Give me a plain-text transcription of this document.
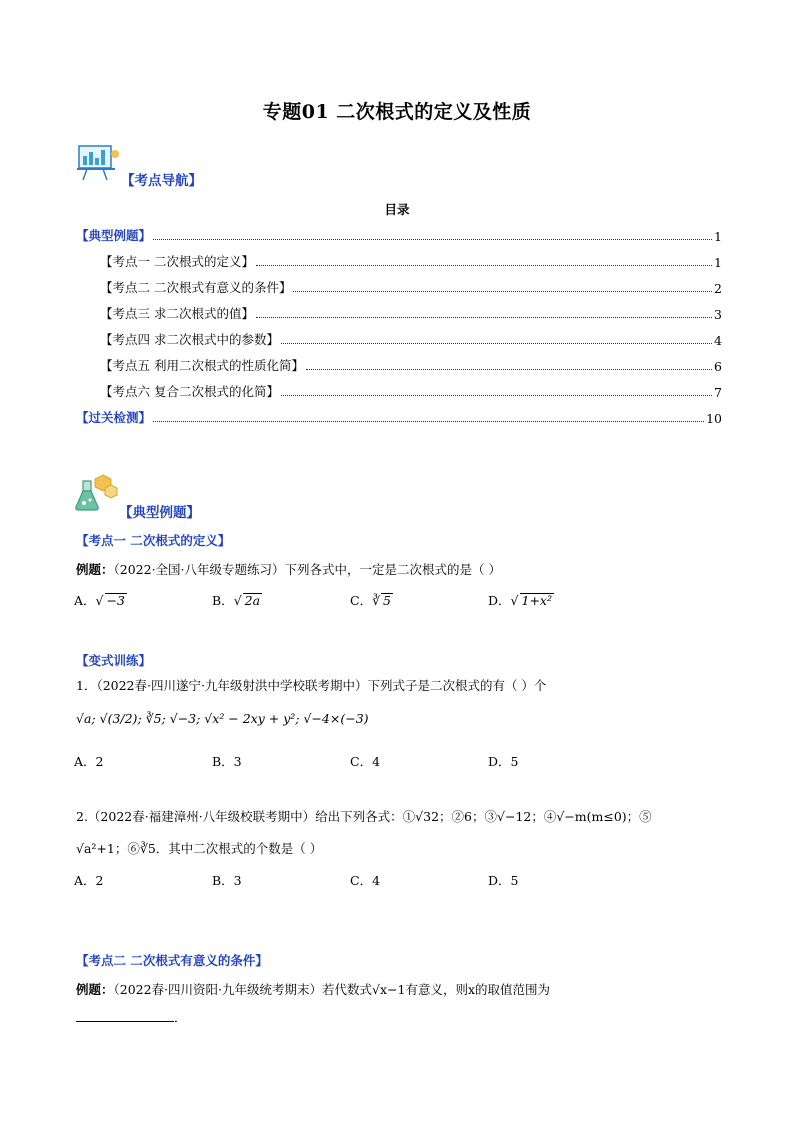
专题01 二次根式的定义及性质
【考点导航】
目录
【典型例题】	1
【考点一 二次根式的定义】	1
【考点二 二次根式有意义的条件】	2
【考点三 求二次根式的值】	3
【考点四 求二次根式中的参数】	4
【考点五 利用二次根式的性质化简】	6
【考点六 复合二次根式的化简】	7
【过关检测】	10
【典型例题】
【考点一 二次根式的定义】
例题：（2022·全国·八年级专题练习）下列各式中，一定是二次根式的是（ ）
A．√ −3	B．√ 2a	C．∛ 5	D．√ 1+x²
【变式训练】
1．（2022春·四川遂宁·九年级射洪中学校联考期中）下列式子是二次根式的有（ ）个
√a; √(3/2); ∛5; √−3; √x² − 2xy + y²; √−4×(−3)
A．2	B．3	C．4	D．5
2.（2022春·福建漳州·八年级校联考期中）给出下列各式：①√32；②6；③√−12；④√−m(m≤0)；⑤
√a²+1；⑥∛5．其中二次根式的个数是（ ）
A．2	B．3	C．4	D．5
【考点二 二次根式有意义的条件】
例题：（2022春·四川资阳·九年级统考期末）若代数式√x−1有意义，则x的取值范围为
．
